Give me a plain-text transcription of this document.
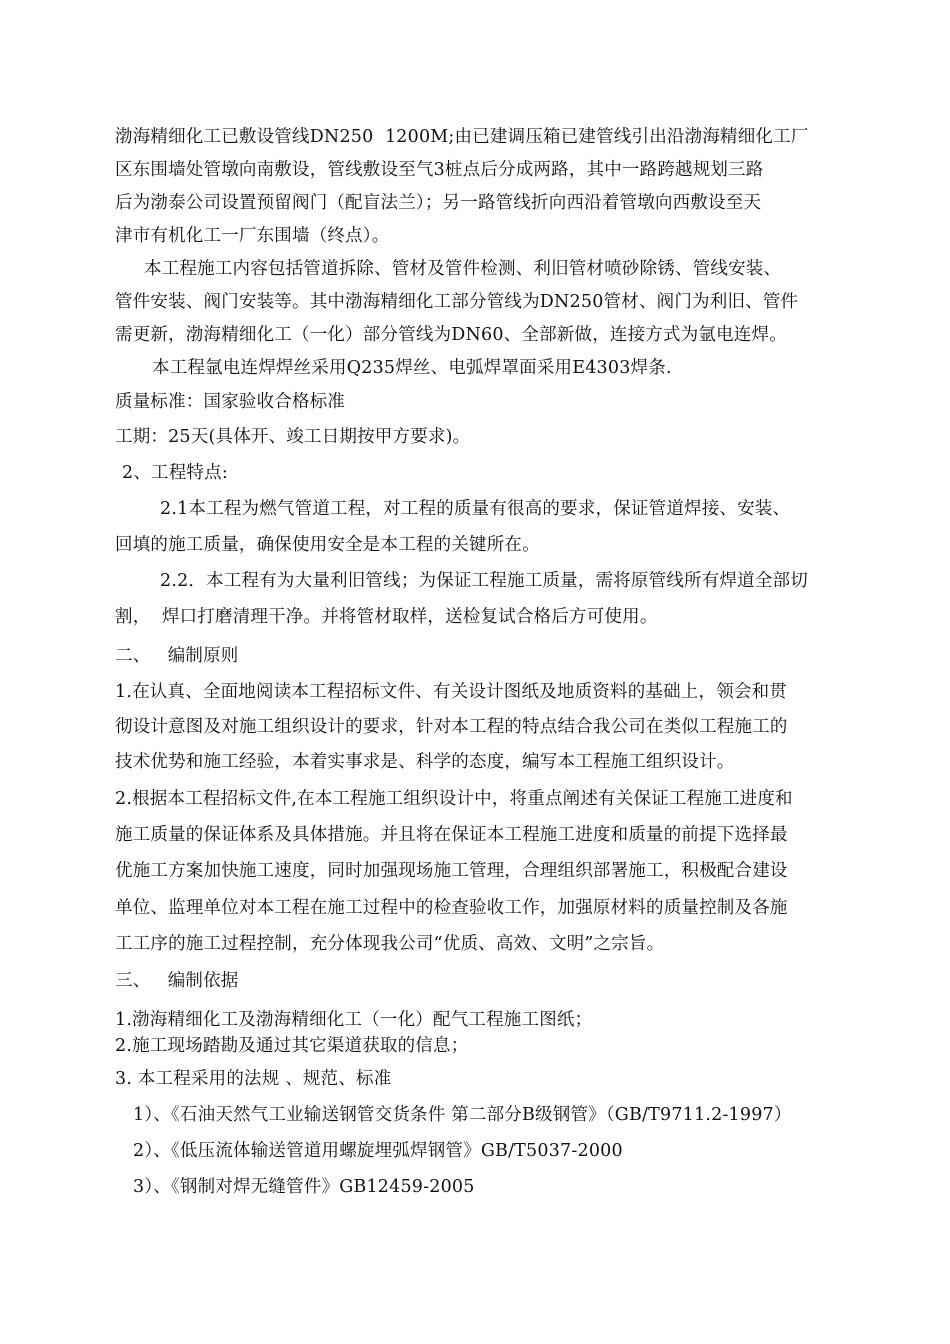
渤海精细化工已敷设管线DN250  1200M;由已建调压箱已建管线引出沿渤海精细化工厂
区东围墙处管墩向南敷设，管线敷设至气3桩点后分成两路，其中一路跨越规划三路
后为渤泰公司设置预留阀门（配盲法兰）；另一路管线折向西沿着管墩向西敷设至天
津市有机化工一厂东围墙（终点）。
本工程施工内容包括管道拆除、管材及管件检测、利旧管材喷砂除锈、管线安装、
管件安装、阀门安装等。其中渤海精细化工部分管线为DN250管材、阀门为利旧、管件
需更新，渤海精细化工（一化）部分管线为DN60、全部新做，连接方式为氩电连焊。
本工程氩电连焊焊丝采用Q235焊丝、电弧焊罩面采用E4303焊条.
质量标准：国家验收合格标准
工期：25天(具体开、竣工日期按甲方要求)。
2、工程特点:
2.1本工程为燃气管道工程，对工程的质量有很高的要求，保证管道焊接、安装、
回填的施工质量，确保使用安全是本工程的关键所在。
2.2．本工程有为大量利旧管线；为保证工程施工质量，需将原管线所有焊道全部切
割，  焊口打磨清理干净。并将管材取样，送检复试合格后方可使用。
二、   编制原则
1.在认真、全面地阅读本工程招标文件、有关设计图纸及地质资料的基础上，领会和贯
彻设计意图及对施工组织设计的要求，针对本工程的特点结合我公司在类似工程施工的
技术优势和施工经验，本着实事求是、科学的态度，编写本工程施工组织设计。
2.根据本工程招标文件,在本工程施工组织设计中，将重点阐述有关保证工程施工进度和
施工质量的保证体系及具体措施。并且将在保证本工程施工进度和质量的前提下选择最
优施工方案加快施工速度，同时加强现场施工管理，合理组织部署施工，积极配合建设
单位、监理单位对本工程在施工过程中的检查验收工作，加强原材料的质量控制及各施
工工序的施工过程控制，充分体现我公司“优质、高效、文明”之宗旨。
三、   编制依据
1.渤海精细化工及渤海精细化工（一化）配气工程施工图纸；
2.施工现场踏勘及通过其它渠道获取的信息；
3. 本工程采用的法规 、规范、标准
1）、《石油天然气工业输送钢管交货条件 第二部分B级钢管》（GB/T9711.2-1997）
2）、《低压流体输送管道用螺旋埋弧焊钢管》GB/T5037-2000
3）、《钢制对焊无缝管件》GB12459-2005
